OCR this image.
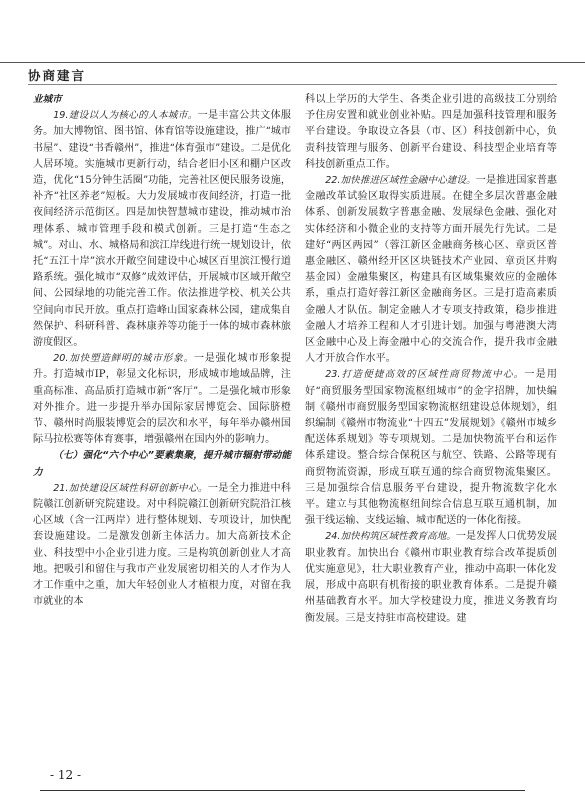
协商建言

业城市

19.建设以人为核心的人本城市。一是丰富公共文体服务。加大博物馆、图书馆、体育馆等设施建设，推广“城市书屋”、建设“书香赣州”，推进“体育强市”建设。二是优化人居环境。实施城市更新行动，结合老旧小区和棚户区改造，优化“15分钟生活圈”功能，完善社区便民服务设施，补齐“社区养老”短板。大力发展城市夜间经济，打造一批夜间经济示范街区。四是加快智慧城市建设，推动城市治理体系、城市管理手段和模式创新。三是打造“生态之城”。对山、水、城格局和滨江岸线进行统一规划设计，依托“五江十岸”滨水开敞空间建设中心城区百里滨江慢行道路系统。强化城市“双修”成效评估，开展城市区域开敞空间、公园绿地的功能完善工作。依法推进学校、机关公共空间向市民开放。重点打造峰山国家森林公园，建成集自然保护、科研科普、森林康养等功能于一体的城市森林旅游度假区。

20.加快塑造鲜明的城市形象。一是强化城市形象提升。打造城市IP，彰显文化标识，形成城市地域品牌，注重高标准、高品质打造城市新“客厅”。二是强化城市形象对外推介。进一步提升举办国际家居博览会、国际脐橙节、赣州时尚服装博览会的层次和水平，每年举办赣州国际马拉松赛等体育赛事，增强赣州在国内外的影响力。

（七）强化“六个中心”要素集聚，提升城市辐射带动能力

21.加快建设区域性科研创新中心。一是全力推进中科院赣江创新研究院建设。对中科院赣江创新研究院沿江核心区域（含一江两岸）进行整体规划、专项设计，加快配套设施建设。二是激发创新主体活力。加大高新技术企业、科技型中小企业引进力度。三是构筑创新创业人才高地。把吸引和留住与我市产业发展密切相关的人才作为人才工作重中之重，加大年轻创业人才植根力度，对留在我市就业的本

科以上学历的大学生、各类企业引进的高级技工分别给予住房安置和就业创业补贴。四是加强科技管理和服务平台建设。争取设立各县（市、区）科技创新中心，负责科技管理与服务、创新平台建设、科技型企业培育等科技创新重点工作。

22.加快推进区域性金融中心建设。一是推进国家普惠金融改革试验区取得实质进展。在健全多层次普惠金融体系、创新发展数字普惠金融、发展绿色金融、强化对实体经济和小微企业的支持等方面开展先行先试。二是建好“两区两园”（蓉江新区金融商务核心区、章贡区普惠金融区、赣州经开区区块链技术产业园、章贡区井购基金园）金融集聚区，构建具有区域集聚效应的金融体系，重点打造好蓉江新区金融商务区。三是打造高素质金融人才队伍。制定金融人才专项支持政策，稳步推进金融人才培养工程和人才引进计划。加强与粤港澳大湾区金融中心及上海金融中心的交流合作，提升我市金融人才开放合作水平。

23.打造便捷高效的区域性商贸物流中心。一是用好“商贸服务型国家物流枢纽城市”的金字招牌，加快编制《赣州市商贸服务型国家物流枢纽建设总体规划》，组织编制《赣州市物流业“十四五”发展规划》《赣州市城乡配送体系规划》等专项规划。二是加快物流平台和运作体系建设。整合综合保税区与航空、铁路、公路等现有商贸物流资源，形成互联互通的综合商贸物流集聚区。三是加强综合信息服务平台建设，提升物流数字化水平。建立与其他物流枢纽间综合信息互联互通机制，加强干线运输、支线运输、城市配送的一体化衔接。

24.加快构筑区域性教育高地。一是发挥人口优势发展职业教育。加快出台《赣州市职业教育综合改革提质创优实施意见》，壮大职业教育产业，推动中高职一体化发展，形成中高职有机衔接的职业教育体系。二是提升赣州基础教育水平。加大学校建设力度，推进义务教育均衡发展。三是支持驻市高校建设。建

- 12 -
